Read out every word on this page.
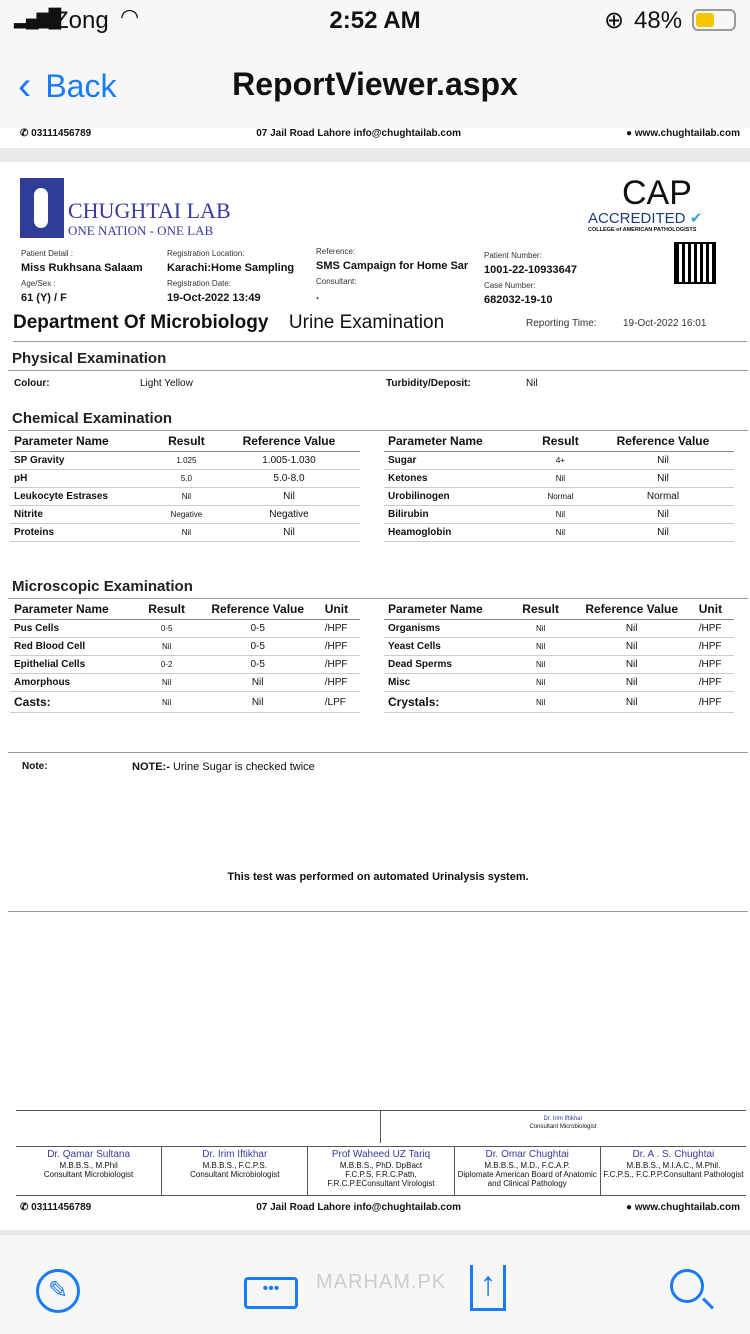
▂▄▆█
Zong ◠	2:52 AM	⊕ 48%
ReportViewer.aspx
‹ Back
✆ 03111456789	07 Jail Road Lahore info@chughtailab.com	● www.chughtailab.com
CHUGHTAI LAB
ONE NATION - ONE LAB
CAP
ACCREDITED ✔
COLLEGE of AMERICAN PATHOLOGISTS
Patient Detail :
Miss Rukhsana Salaam
Age/Sex :
61 (Y) / F
Registration Location:
Karachi:Home Sampling
Registration Date:
19-Oct-2022 13:49
Reference:
SMS Campaign for Home Sar
Consultant:
.
Patient Number:
1001-22-10933647
Case Number:
682032-19-10
Department Of Microbiology Urine Examination	Reporting Time:	19-Oct-2022 16:01
Physical Examination
Colour:	Light Yellow	Turbidity/Deposit:	Nil
Chemical Examination
Parameter Name	Result	Reference Value
SP Gravity	1.025	1.005-1.030
pH	5.0	5.0-8.0
Leukocyte Estrases	Nil	Nil
Nitrite	Negative	Negative
Proteins	Nil	Nil
Parameter Name	Result	Reference Value
Sugar	4+	Nil
Ketones	Nil	Nil
Urobilinogen	Normal	Normal
Bilirubin	Nil	Nil
Heamoglobin	Nil	Nil
Microscopic Examination
Parameter Name	Result	Reference Value	Unit
Pus Cells	0-5	0-5	/HPF
Red Blood Cell	Nil	0-5	/HPF
Epithelial Cells	0-2	0-5	/HPF
Amorphous	Nil	Nil	/HPF
Casts:	Nil	Nil	/LPF
Parameter Name	Result	Reference Value	Unit
Organisms	Nil	Nil	/HPF
Yeast Cells	Nil	Nil	/HPF
Dead Sperms	Nil	Nil	/HPF
Misc	Nil	Nil	/HPF
Crystals:	Nil	Nil	/HPF
Note:	NOTE:- Urine Sugar is checked twice
This test was performed on automated Urinalysis system.
Dr. Irim Iftikhar
Consultant Microbiologist
Dr. Qamar Sultana
M.B.B.S., M.Phil
Consultant Microbiologist
Dr. Irim Iftikhar
M.B.B.S., F.C.P.S.
Consultant Microbiologist
Prof Waheed UZ Tariq
M.B.B.S., PhD. DpBact
F.C.P.S, F.R.C.Path, F.R.C.P.EConsultant Virologist
Dr. Omar Chughtai
M.B.B.S., M.D., F.C.A.P.
Diplomate American Board of Anatomic and Clinical Pathology
Dr. A . S. Chughtai
M.B.B.S., M.I.A.C., M.Phil.
F.C.P.S., F.C.P.P.Consultant Pathologist
✆ 03111456789	07 Jail Road Lahore info@chughtailab.com	● www.chughtailab.com
✎	•••	MARHAM.PK ↑
